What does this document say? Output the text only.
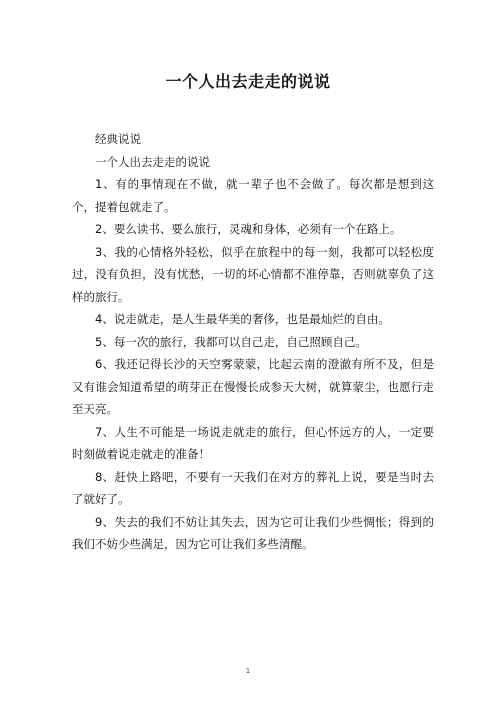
一个人出去走走的说说

经典说说

一个人出去走走的说说

1、有的事情现在不做，就一辈子也不会做了。每次都是想到这个，提着包就走了。

2、要么读书、要么旅行，灵魂和身体，必须有一个在路上。

3、我的心情格外轻松，似乎在旅程中的每一刻，我都可以轻松度过，没有负担，没有忧愁，一切的坏心情都不准停靠，否则就辜负了这样的旅行。

4、说走就走，是人生最华美的奢侈，也是最灿烂的自由。

5、每一次的旅行，我都可以自己走，自己照顾自己。

6、我还记得长沙的天空雾蒙蒙，比起云南的澄澈有所不及，但是又有谁会知道希望的萌芽正在慢慢长成参天大树，就算蒙尘，也愿行走至天亮。

7、人生不可能是一场说走就走的旅行，但心怀远方的人，一定要时刻做着说走就走的准备！

8、赶快上路吧，不要有一天我们在对方的葬礼上说，要是当时去了就好了。

9、失去的我们不妨让其失去，因为它可让我们少些惆怅；得到的我们不妨少些满足，因为它可让我们多些清醒。

1
